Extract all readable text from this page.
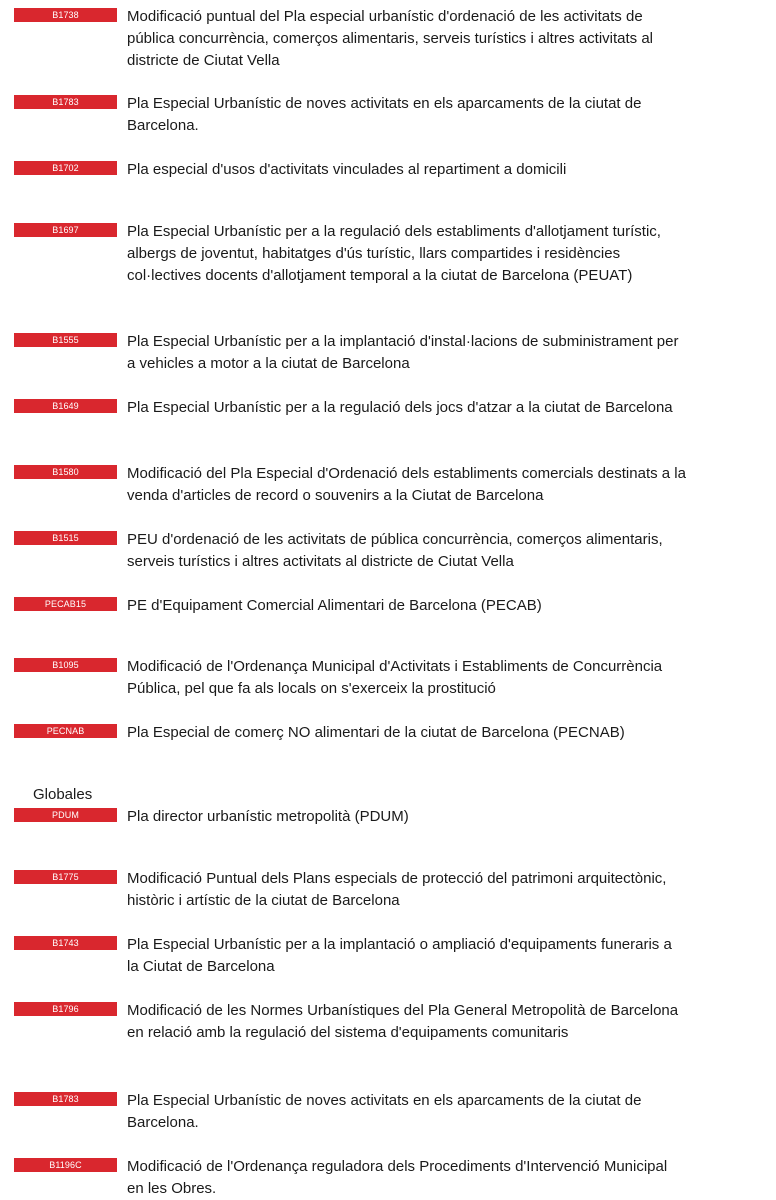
B1738	Modificació puntual del Pla especial urbanístic d'ordenació de les activitats de pública concurrència, comerços alimentaris, serveis turístics i altres activitats al districte de Ciutat Vella

B1783	Pla Especial Urbanístic de noves activitats en els aparcaments de la ciutat de Barcelona.

B1702	Pla especial d'usos d'activitats vinculades al repartiment a domicili

B1697	Pla Especial Urbanístic per a la regulació dels establiments d'allotjament turístic, albergs de joventut, habitatges d'ús turístic, llars compartides i residències col·lectives docents d'allotjament temporal a la ciutat de Barcelona (PEUAT)

B1555	Pla Especial Urbanístic per a la implantació d'instal·lacions de subministrament per a vehicles a motor a la ciutat de Barcelona

B1649	Pla Especial Urbanístic per a la regulació dels jocs d'atzar a la ciutat de Barcelona

B1580	Modificació del Pla Especial d'Ordenació dels establiments comercials destinats a la venda d'articles de record o souvenirs a la Ciutat de Barcelona

B1515	PEU d'ordenació de les activitats de pública concurrència, comerços alimentaris, serveis turístics i altres activitats al districte de Ciutat Vella

PECAB15	PE d'Equipament Comercial Alimentari de Barcelona (PECAB)

B1095	Modificació de l'Ordenança Municipal d'Activitats i Establiments de Concurrència Pública, pel que fa als locals on s'exerceix la prostitució

PECNAB	Pla Especial de comerç NO alimentari de la ciutat de Barcelona (PECNAB)

Globales
PDUM	Pla director urbanístic metropolità (PDUM)

B1775	Modificació Puntual dels Plans especials de protecció del patrimoni arquitectònic, històric i artístic de la ciutat de Barcelona

B1743	Pla Especial Urbanístic per a la implantació o ampliació d'equipaments funeraris a la Ciutat de Barcelona

B1796	Modificació de les Normes Urbanístiques del Pla General Metropolità de Barcelona en relació amb la regulació del sistema d'equipaments comunitaris

B1783	Pla Especial Urbanístic de noves activitats en els aparcaments de la ciutat de Barcelona.

B1196C	Modificació de l'Ordenança reguladora dels Procediments d'Intervenció Municipal en les Obres.
